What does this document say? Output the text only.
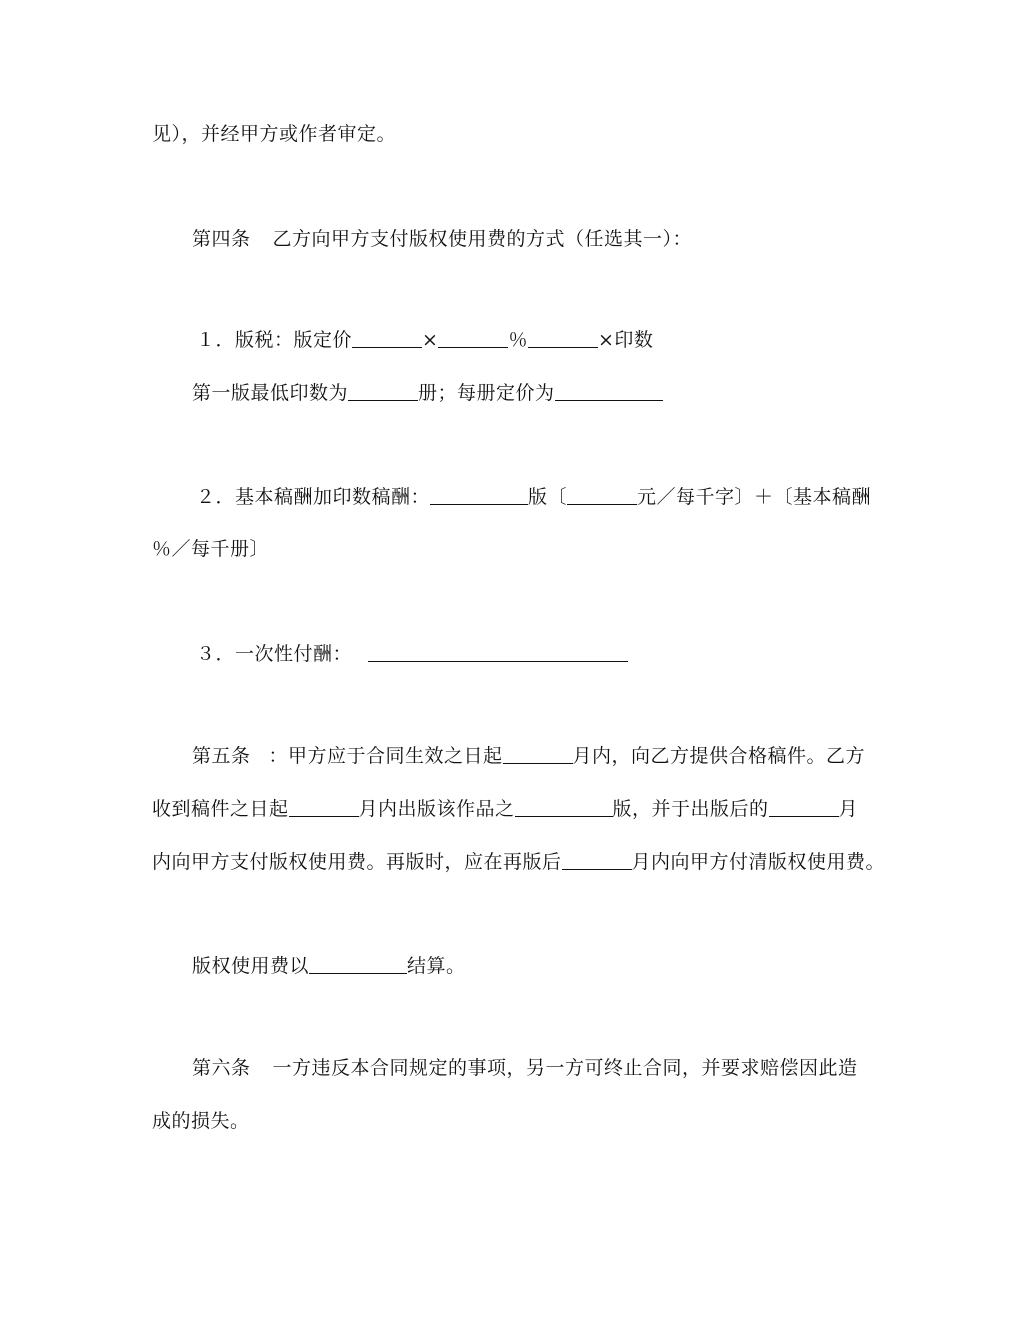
见），并经甲方或作者审定。
第四条 乙方向甲方支付版权使用费的方式（任选其一）：
１．版税：版定价	×	％	×印数
第一版最低印数为	册；每册定价为
２．基本稿酬加印数稿酬：	版〔	元／每千字〕＋〔基本稿酬
％／每千册〕
３．一次性付酬：
第五条 ：甲方应于合同生效之日起	月内，向乙方提供合格稿件。乙方
收到稿件之日起	月内出版该作品之	版，并于出版后的	月
内向甲方支付版权使用费。再版时，应在再版后	月内向甲方付清版权使用费。
版权使用费以	结算。
第六条 一方违反本合同规定的事项，另一方可终止合同，并要求赔偿因此造
成的损失。
